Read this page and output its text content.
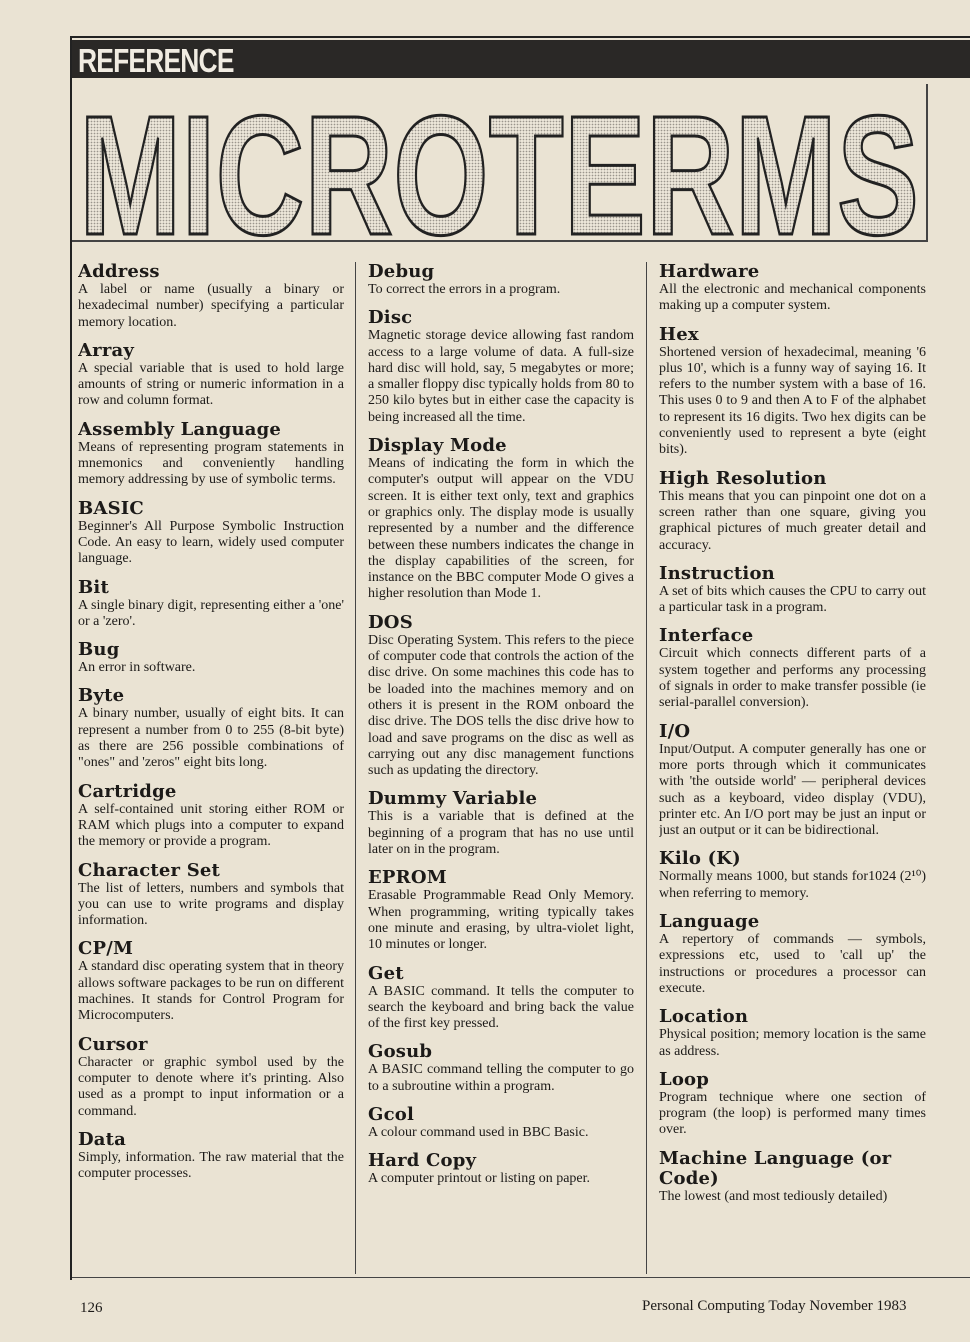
REFERENCE
MICROTERMS

Address

A label or name (usually a binary or hexadecimal number) specifying a particular memory location.

Array

A special variable that is used to hold large amounts of string or numeric information in a row and column format.

Assembly Language

Means of representing program statements in mnemonics and conveniently handling memory addressing by use of symbolic terms.

BASIC

Beginner's All Purpose Symbolic Instruction Code. An easy to learn, widely used computer language.

Bit

A single binary digit, representing either a 'one' or a 'zero'.

Bug

An error in software.

Byte

A binary number, usually of eight bits. It can represent a number from 0 to 255 (8-bit byte) as there are 256 possible combinations of "ones" and 'zeros" eight bits long.

Cartridge

A self-contained unit storing either ROM or RAM which plugs into a computer to expand the memory or provide a program.

Character Set

The list of letters, numbers and symbols that you can use to write programs and display information.

CP/M

A standard disc operating system that in theory allows software packages to be run on different machines. It stands for Control Program for Microcomputers.

Cursor

Character or graphic symbol used by the computer to denote where it's printing. Also used as a prompt to input information or a command.

Data

Simply, information. The raw material that the computer processes.

Debug

To correct the errors in a program.

Disc

Magnetic storage device allowing fast random access to a large volume of data. A full-size hard disc will hold, say, 5 megabytes or more; a smaller floppy disc typically holds from 80 to 250 kilo bytes but in either case the capacity is being increased all the time.

Display Mode

Means of indicating the form in which the computer's output will appear on the VDU screen. It is either text only, text and graphics or graphics only. The display mode is usually represented by a number and the difference between these numbers indicates the change in the display capabilities of the screen, for instance on the BBC computer Mode O gives a higher resolution than Mode 1.

DOS

Disc Operating System. This refers to the piece of computer code that controls the action of the disc drive. On some machines this code has to be loaded into the machines memory and on others it is present in the ROM onboard the disc drive. The DOS tells the disc drive how to load and save programs on the disc as well as carrying out any disc management functions such as updating the directory.

Dummy Variable

This is a variable that is defined at the beginning of a program that has no use until later on in the program.

EPROM

Erasable Programmable Read Only Memory. When programming, writing typically takes one minute and erasing, by ultra-violet light, 10 minutes or longer.

Get

A BASIC command. It tells the computer to search the keyboard and bring back the value of the first key pressed.

Gosub

A BASIC command telling the computer to go to a subroutine within a program.

Gcol

A colour command used in BBC Basic.

Hard Copy

A computer printout or listing on paper.

Hardware

All the electronic and mechanical components making up a computer system.

Hex

Shortened version of hexadecimal, meaning '6 plus 10', which is a funny way of saying 16. It refers to the number system with a base of 16. This uses 0 to 9 and then A to F of the alphabet to represent its 16 digits. Two hex digits can be conveniently used to represent a byte (eight bits).

High Resolution

This means that you can pinpoint one dot on a screen rather than one square, giving you graphical pictures of much greater detail and accuracy.

Instruction

A set of bits which causes the CPU to carry out a particular task in a program.

Interface

Circuit which connects different parts of a system together and performs any processing of signals in order to make transfer possible (ie serial-parallel conversion).

I/O

Input/Output. A computer generally has one or more ports through which it communicates with 'the outside world' — peripheral devices such as a keyboard, video display (VDU), printer etc. An I/O port may be just an input or just an output or it can be bidirectional.

Kilo (K)

Normally means 1000, but stands for1024 (2¹⁰) when referring to memory.

Language

A repertory of commands — symbols, expressions etc, used to 'call up' the instructions or procedures a processor can execute.

Location

Physical position; memory location is the same as address.

Loop

Program technique where one section of program (the loop) is performed many times over.

Machine Language (or Code)

The lowest (and most tediously detailed)

126	Personal Computing Today November 1983
